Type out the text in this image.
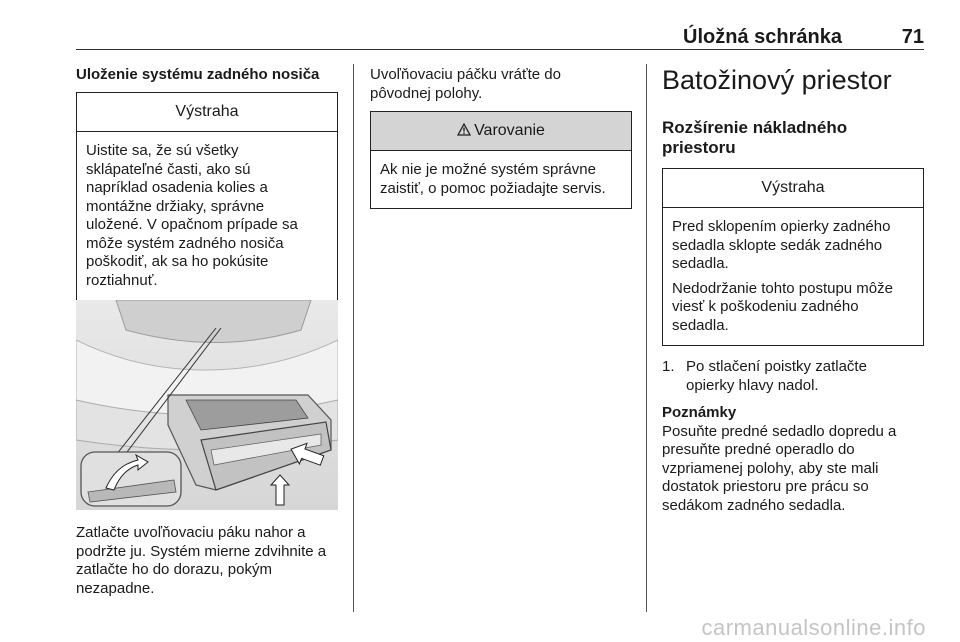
Úložná schránka	71
Uloženie systému zadného nosiča
Výstraha
Uistite sa, že sú všetky
sklápateľné časti, ako sú
napríklad osadenia kolies a
montážne držiaky, správne
uložené. V opačnom prípade sa
môže systém zadného nosiča
poškodiť, ak sa ho pokúsite
roztiahnuť.
Zatlačte uvoľňovaciu páku nahor a
podržte ju. Systém mierne zdvihnite a
zatlačte ho do dorazu, pokým
nezapadne.
Uvoľňovaciu páčku vráťte do
pôvodnej polohy.
Varovanie
Ak nie je možné systém správne
zaistiť, o pomoc požiadajte servis.
Batožinový priestor
Rozšírenie nákladného priestoru
Výstraha

Pred sklopením opierky zadného
sedadla sklopte sedák zadného
sedadla.

Nedodržanie tohto postupu môže
viesť k poškodeniu zadného
sedadla.

1. Po stlačení poistky zatlačte
opierky hlavy nadol.
Poznámky
Posuňte predné sedadlo dopredu a
presuňte predné operadlo do
vzpriamenej polohy, aby ste mali
dostatok priestoru pre prácu so
sedákom zadného sedadla.
carmanualsonline.info
